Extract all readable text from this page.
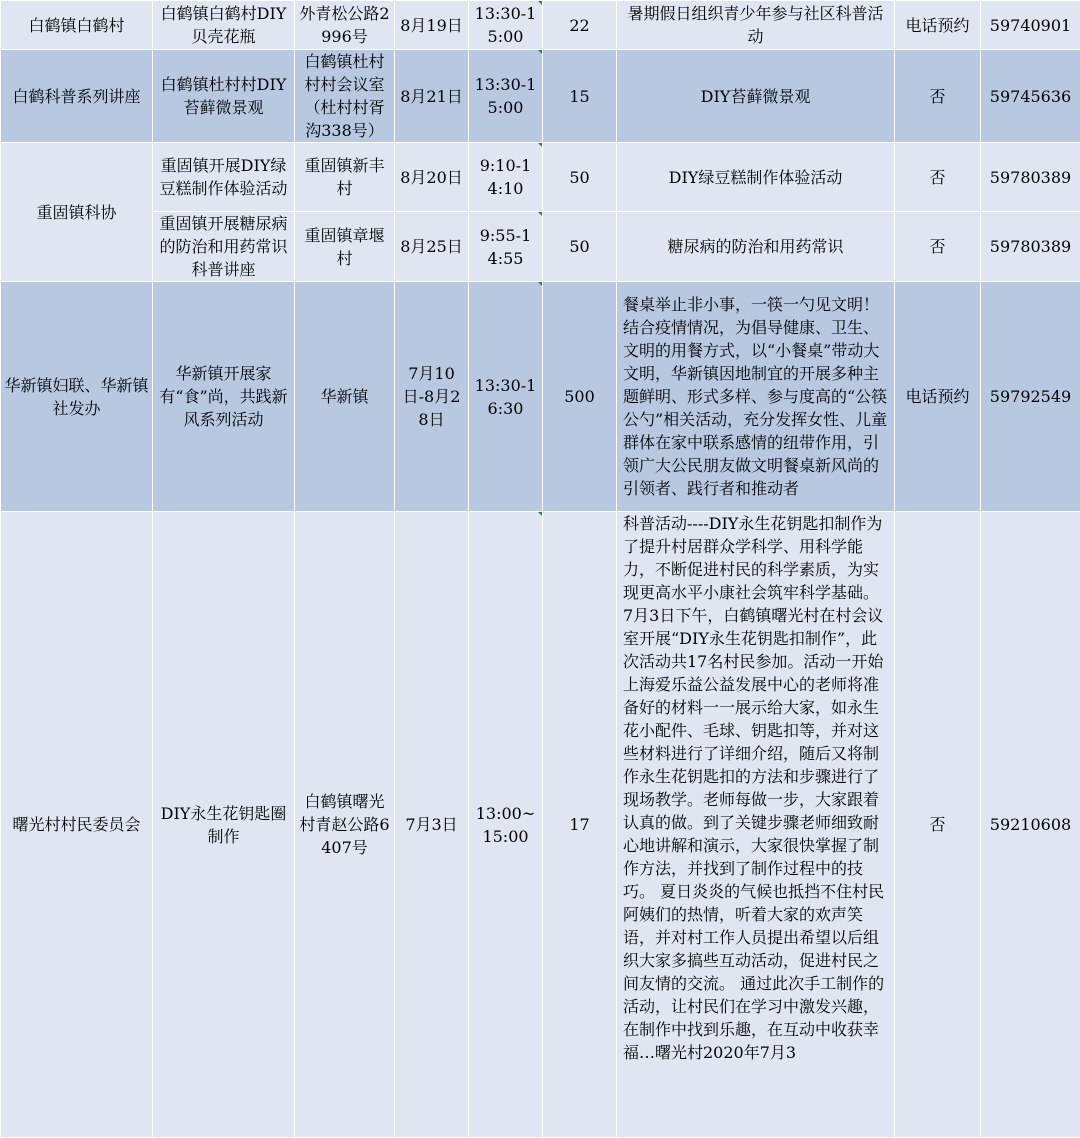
白鹤镇白鹤村	白鹤镇白鹤村DIY贝壳花瓶	外青松公路2996号	8月19日	13:30-15:00	22	暑期假日组织青少年参与社区科普活动	电话预约	59740901
白鹤科普系列讲座	白鹤镇杜村村DIY苔藓微景观	白鹤镇杜村村村会议室（杜村村胥沟338号）	8月21日	13:30-15:00	15	DIY苔藓微景观	否	59745636
重固镇科协	重固镇开展DIY绿豆糕制作体验活动	重固镇新丰村	8月20日	9:10-14:10	50	DIY绿豆糕制作体验活动	否	59780389
	重固镇开展糖尿病的防治和用药常识科普讲座	重固镇章堰村	8月25日	9:55-14:55	50	糖尿病的防治和用药常识	否	59780389
华新镇妇联、华新镇社发办	华新镇开展家有“食”尚，共践新风系列活动	华新镇	7月10日-8月28日	13:30-16:30	500	餐桌举止非小事，一筷一勺见文明！结合疫情情况，为倡导健康、卫生、文明的用餐方式，以“小餐桌”带动大文明，华新镇因地制宜的开展多种主题鲜明、形式多样、参与度高的“公筷公勺”相关活动，充分发挥女性、儿童群体在家中联系感情的纽带作用，引领广大公民朋友做文明餐桌新风尚的引领者、践行者和推动者	电话预约	59792549
曙光村村民委员会	DIY永生花钥匙圈制作	白鹤镇曙光村青赵公路6407号	7月3日	13:00~15:00	17	科普活动----DIY永生花钥匙扣制作为了提升村居群众学科学、用科学能力，不断促进村民的科学素质，为实现更高水平小康社会筑牢科学基础。7月3日下午，白鹤镇曙光村在村会议室开展“DIY永生花钥匙扣制作”，此次活动共17名村民参加。活动一开始上海爱乐益公益发展中心的老师将准备好的材料一一展示给大家，如永生花小配件、毛球、钥匙扣等，并对这些材料进行了详细介绍，随后又将制作永生花钥匙扣的方法和步骤进行了现场教学。老师每做一步，大家跟着认真的做。到了关键步骤老师细致耐心地讲解和演示，大家很快掌握了制作方法，并找到了制作过程中的技巧。 夏日炎炎的气候也抵挡不住村民阿姨们的热情，听着大家的欢声笑语，并对村工作人员提出希望以后组织大家多搞些互动活动，促进村民之间友情的交流。 通过此次手工制作的活动，让村民们在学习中激发兴趣，在制作中找到乐趣，在互动中收获幸福…曙光村2020年7月3	否	59210608
